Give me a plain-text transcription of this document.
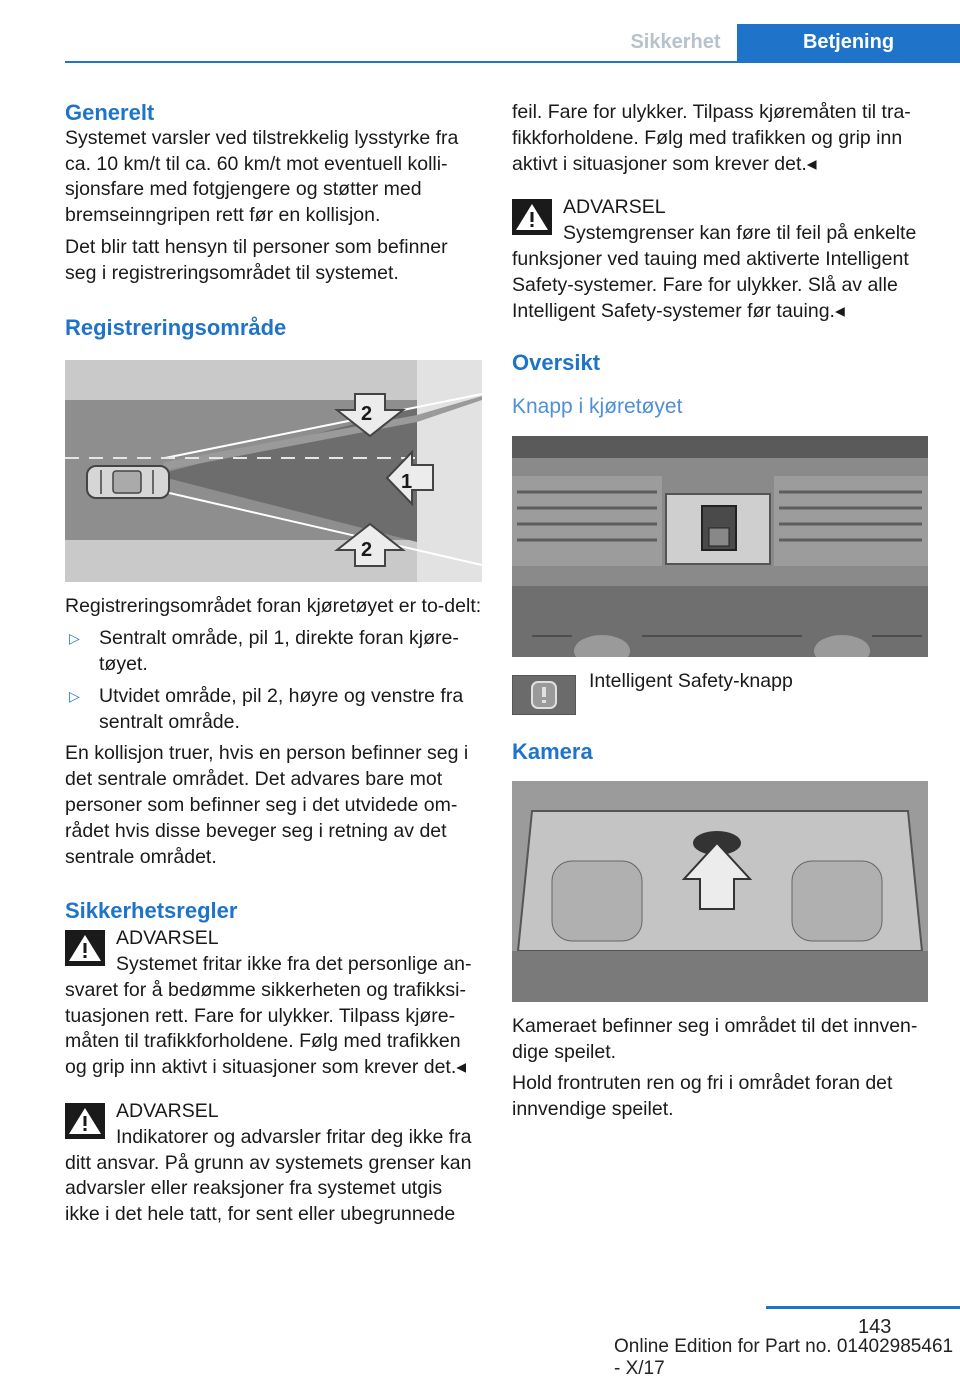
Sikkerhet	Betjening
Generelt

Systemet varsler ved tilstrekkelig lysstyrke fra ca. 10 km/t til ca. 60 km/t mot eventuell kolli-sjonsfare med fotgjengere og støtter med bremseinngripen rett før en kollisjon.

Det blir tatt hensyn til personer som befinner seg i registreringsområdet til systemet.

Registreringsområde
2
1
2

Registreringsområdet foran kjøretøyet er to-delt:

▷ Sentralt område, pil 1, direkte foran kjøre-tøyet.
▷ Utvidet område, pil 2, høyre og venstre fra sentralt område.

En kollisjon truer, hvis en person befinner seg i det sentrale området. Det advares bare mot personer som befinner seg i det utvidede om-rådet hvis disse beveger seg i retning av det sentrale området.

Sikkerhetsregler
ADVARSEL
Systemet fritar ikke fra det personlige an-svaret for å bedømme sikkerheten og trafikksi-tuasjonen rett. Fare for ulykker. Tilpass kjøre-måten til trafikkforholdene. Følg med trafikken og grip inn aktivt i situasjoner som krever det.◂
ADVARSEL
Indikatorer og advarsler fritar deg ikke fra ditt ansvar. På grunn av systemets grenser kan advarsler eller reaksjoner fra systemet utgis ikke i det hele tatt, for sent eller ubegrunnede

feil. Fare for ulykker. Tilpass kjøremåten til tra-fikkforholdene. Følg med trafikken og grip inn aktivt i situasjoner som krever det.◂

ADVARSEL
Systemgrenser kan føre til feil på enkelte funksjoner ved tauing med aktiverte Intelligent Safety-systemer. Fare for ulykker. Slå av alle Intelligent Safety-systemer før tauing.◂
Oversikt
Knapp i kjøretøyet
Intelligent Safety-knapp
Kamera

Kameraet befinner seg i området til det innven-dige speilet.

Hold frontruten ren og fri i området foran det innvendige speilet.

143
Online Edition for Part no. 01402985461 - X/17
